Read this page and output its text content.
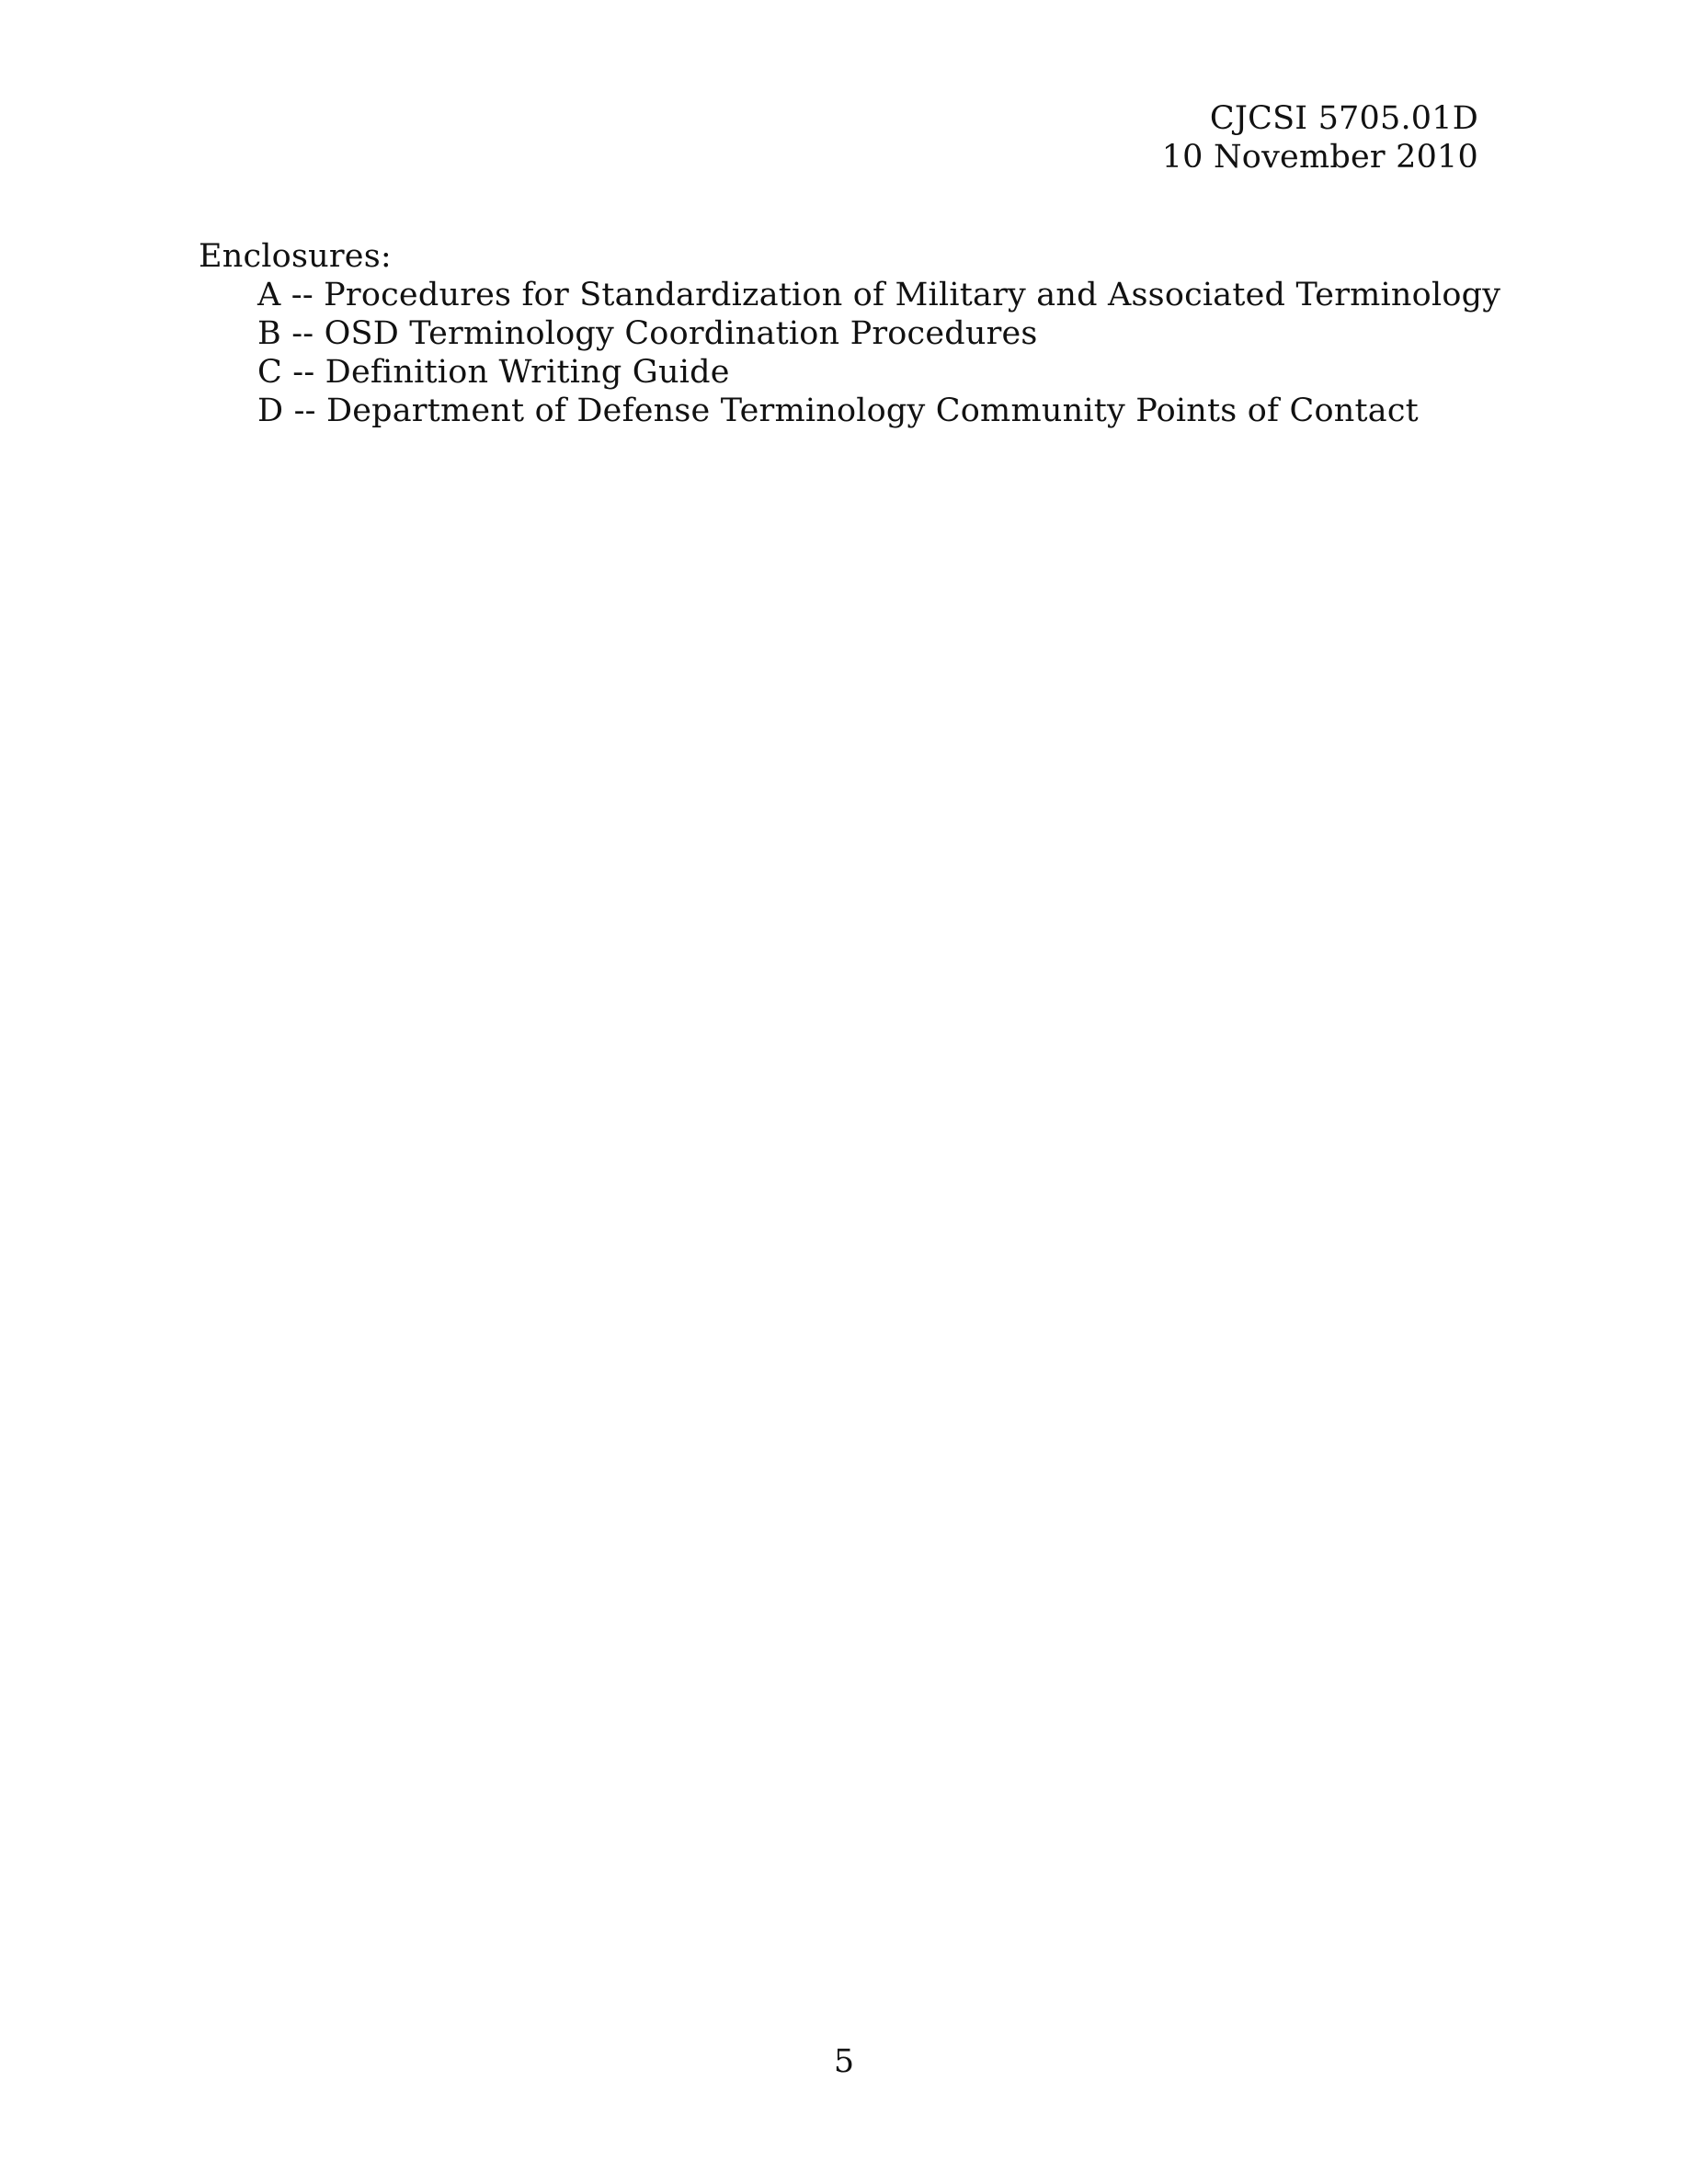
CJCSI 5705.01D
10 November 2010
Enclosures:
A -- Procedures for Standardization of Military and Associated Terminology
B -- OSD Terminology Coordination Procedures
C -- Definition Writing Guide
D -- Department of Defense Terminology Community Points of Contact
5
